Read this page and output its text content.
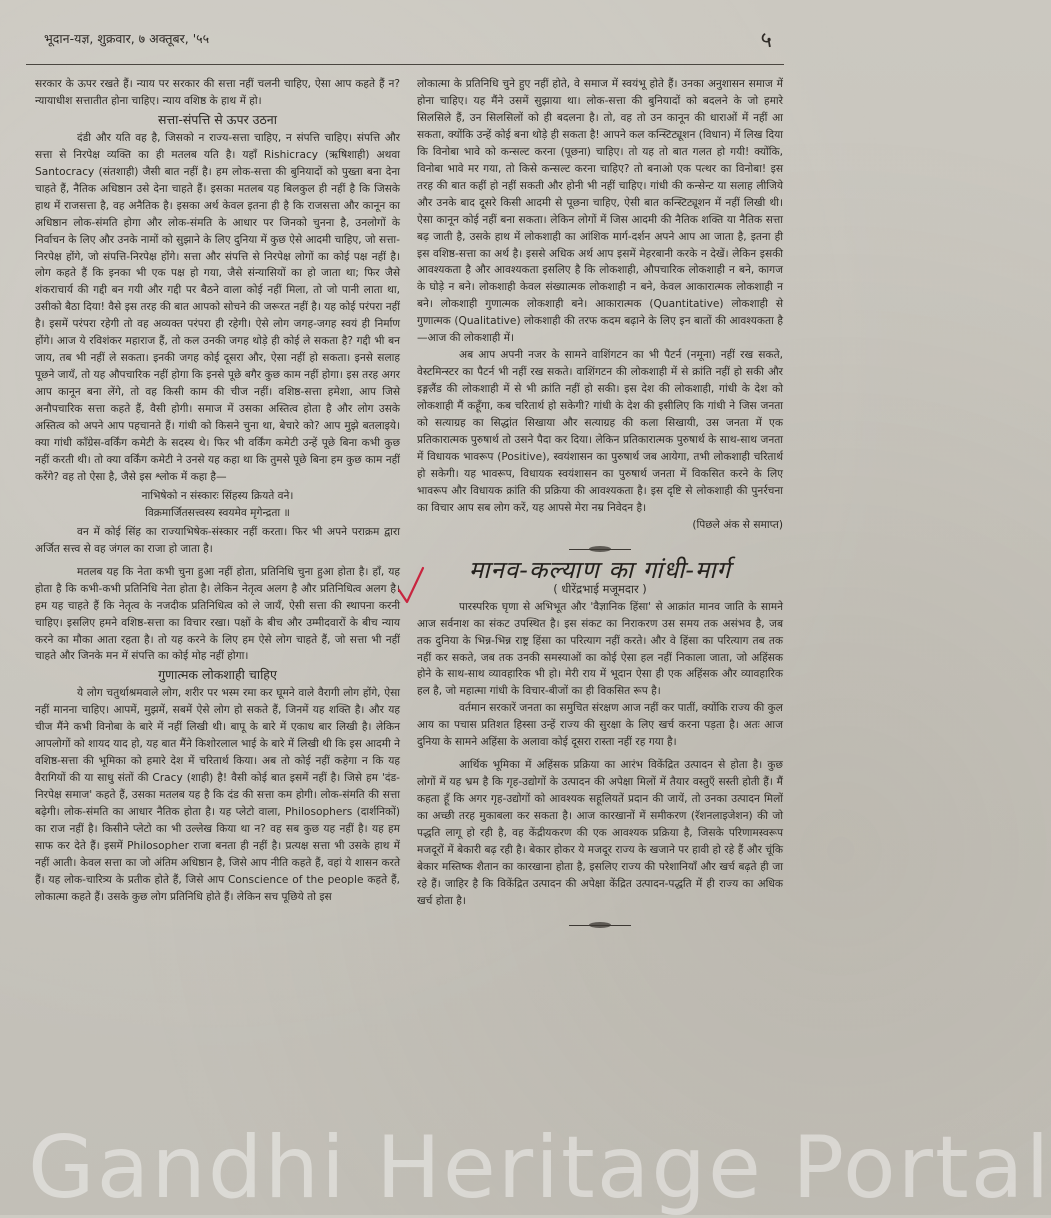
भूदान-यज्ञ, शुक्रवार, ७ अक्तूबर, '५५	५

सरकार के ऊपर रखते हैं। न्याय पर सरकार की सत्ता नहीं चलनी चाहिए, ऐसा आप कहते हैं न? न्यायाधीश सत्तातीत होना चाहिए। न्याय वशिष्ठ के हाथ में हो।

सत्ता-संपत्ति से ऊपर उठना

दंडी और यति वह है, जिसको न राज्य-सत्ता चाहिए, न संपत्ति चाहिए। संपत्ति और सत्ता से निरपेक्ष व्यक्ति का ही मतलब यति है। यहाँ Rishicracy (ऋषिशाही) अथवा Santocracy (संतशाही) जैसी बात नहीं है। हम लोक-सत्ता की बुनियादों को पुख्ता बना देना चाहते हैं, नैतिक अधिष्ठान उसे देना चाहते हैं। इसका मतलब यह बिलकुल ही नहीं है कि जिसके हाथ में राजसत्ता है, वह अनैतिक है। इसका अर्थ केवल इतना ही है कि राजसत्ता और कानून का अधिष्ठान लोक-संमति होगा और लोक-संमति के आधार पर जिनको चुनना है, उनलोगों के निर्वाचन के लिए और उनके नामों को सुझाने के लिए दुनिया में कुछ ऐसे आदमी चाहिए, जो सत्ता-निरपेक्ष होंगे, जो संपत्ति-निरपेक्ष होंगे। सत्ता और संपत्ति से निरपेक्ष लोगों का कोई पक्ष नहीं है। लोग कहते हैं कि इनका भी एक पक्ष हो गया, जैसे संन्यासियों का हो जाता था; फिर जैसे शंकराचार्य की गद्दी बन गयी और गद्दी पर बैठने वाला कोई नहीं मिला, तो जो पानी लाता था, उसीको बैठा दिया! वैसे इस तरह की बात आपको सोचने की जरूरत नहीं है। यह कोई परंपरा नहीं है। इसमें परंपरा रहेगी तो वह अव्यक्त परंपरा ही रहेगी। ऐसे लोग जगह-जगह स्वयं ही निर्माण होंगे। आज ये रविशंकर महाराज हैं, तो कल उनकी जगह थोड़े ही कोई ले सकता है? गद्दी भी बन जाय, तब भी नहीं ले सकता। इनकी जगह कोई दूसरा और, ऐसा नहीं हो सकता। इनसे सलाह पूछने जायँ, तो यह औपचारिक नहीं होगा कि इनसे पूछे बगैर कुछ काम नहीं होगा। इस तरह अगर आप कानून बना लेंगे, तो वह किसी काम की चीज नहीं। वशिष्ठ-सत्ता हमेशा, आप जिसे अनौपचारिक सत्ता कहते हैं, वैसी होगी। समाज में उसका अस्तित्व होता है और लोग उसके अस्तित्व को अपने आप पहचानते हैं। गांधी को किसने चुना था, बेचारे को? आप मुझे बतलाइये। क्या गांधी कॉंग्रेस-वर्किंग कमेटी के सदस्य थे। फिर भी वर्किंग कमेटी उन्हें पूछे बिना कभी कुछ नहीं करती थी। तो क्या वर्किंग कमेटी ने उनसे यह कहा था कि तुमसे पूछे बिना हम कुछ काम नहीं करेंगे? वह तो ऐसा है, जैसे इस श्लोक में कहा है—

नाभिषेको न संस्कारः सिंहस्य क्रियते वने।
विक्रमार्जितसत्त्वस्य स्वयमेव मृगेन्द्रता ॥

वन में कोई सिंह का राज्याभिषेक-संस्कार नहीं करता। फिर भी अपने पराक्रम द्वारा अर्जित सत्त्व से वह जंगल का राजा हो जाता है।

मतलब यह कि नेता कभी चुना हुआ नहीं होता, प्रतिनिधि चुना हुआ होता है। हाँ, यह होता है कि कभी-कभी प्रतिनिधि नेता होता है। लेकिन नेतृत्व अलग है और प्रतिनिधित्व अलग है। हम यह चाहते हैं कि नेतृत्व के नजदीक प्रतिनिधित्व को ले जायँ, ऐसी सत्ता की स्थापना करनी चाहिए। इसलिए हमने वशिष्ठ-सत्ता का विचार रखा। पक्षों के बीच और उम्मीदवारों के बीच न्याय करने का मौका आता रहता है। तो यह करने के लिए हम ऐसे लोग चाहते हैं, जो सत्ता भी नहीं चाहते और जिनके मन में संपत्ति का कोई मोह नहीं होगा।

गुणात्मक लोकशाही चाहिए

ये लोग चतुर्थाश्रमवाले लोग, शरीर पर भस्म रमा कर घूमने वाले वैरागी लोग होंगे, ऐसा नहीं मानना चाहिए। आपमें, मुझमें, सबमें ऐसे लोग हो सकते हैं, जिनमें यह शक्ति है। और यह चीज मैंने कभी विनोबा के बारे में नहीं लिखी थी। बापू के बारे में एकाध बार लिखी है। लेकिन आपलोगों को शायद याद हो, यह बात मैंने किशोरलाल भाई के बारे में लिखी थी कि इस आदमी ने वशिष्ठ-सत्ता की भूमिका को हमारे देश में चरितार्थ किया। अब तो कोई नहीं कहेगा न कि यह वैरागियों की या साधु संतों की Cracy (शाही) है! वैसी कोई बात इसमें नहीं है। जिसे हम 'दंड-निरपेक्ष समाज' कहते हैं, उसका मतलब यह है कि दंड की सत्ता कम होगी। लोक-संमति की सत्ता बढ़ेगी। लोक-संमति का आधार नैतिक होता है। यह प्लेटो वाला, Philosophers (दार्शनिकों) का राज नहीं है। किसीने प्लेटो का भी उल्लेख किया था न? वह सब कुछ यह नहीं है। यह हम साफ कर देते हैं। इसमें Philosopher राजा बनता ही नहीं है। प्रत्यक्ष सत्ता भी उसके हाथ में नहीं आती। केवल सत्ता का जो अंतिम अधिष्ठान है, जिसे आप नीति कहते हैं, वहां ये शासन करते हैं। यह लोक-चारित्र्य के प्रतीक होते हैं, जिसे आप Conscience of the people कहते हैं, लोकात्मा कहते हैं। उसके कुछ लोग प्रतिनिधि होते हैं। लेकिन सच पूछिये तो इस

लोकात्मा के प्रतिनिधि चुने हुए नहीं होते, वे समाज में स्वयंभू होते हैं। उनका अनुशासन समाज में होना चाहिए। यह मैंने उसमें सुझाया था। लोक-सत्ता की बुनियादों को बदलने के जो हमारे सिलसिले हैं, उन सिलसिलों को ही बदलना है। तो, वह तो उन कानून की धाराओं में नहीं आ सकता, क्योंकि उन्हें कोई बना थोड़े ही सकता है! आपने कल कन्स्टिट्यूशन (विधान) में लिख दिया कि विनोबा भावे को कन्सल्ट करना (पूछना) चाहिए। तो यह तो बात गलत हो गयी! क्योंकि, विनोबा भावे मर गया, तो किसे कन्सल्ट करना चाहिए? तो बनाओ एक पत्थर का विनोबा! इस तरह की बात कहीं हो नहीं सकती और होनी भी नहीं चाहिए। गांधी की कन्सेन्ट या सलाह लीजिये और उनके बाद दूसरे किसी आदमी से पूछना चाहिए, ऐसी बात कन्स्टिट्यूशन में नहीं लिखी थी। ऐसा कानून कोई नहीं बना सकता। लेकिन लोगों में जिस आदमी की नैतिक शक्ति या नैतिक सत्ता बढ़ जाती है, उसके हाथ में लोकशाही का आंशिक मार्ग-दर्शन अपने आप आ जाता है, इतना ही इस वशिष्ठ-सत्ता का अर्थ है। इससे अधिक अर्थ आप इसमें मेहरबानी करके न देखें। लेकिन इसकी आवश्यकता है और आवश्यकता इसलिए है कि लोकशाही, औपचारिक लोकशाही न बने, कागज के घोड़े न बने। लोकशाही केवल संख्यात्मक लोकशाही न बने, केवल आकारात्मक लोकशाही न बने। लोकशाही गुणात्मक लोकशाही बने। आकारात्मक (Quantitative) लोकशाही से गुणात्मक (Qualitative) लोकशाही की तरफ कदम बढ़ाने के लिए इन बातों की आवश्यकता है—आज की लोकशाही में।

अब आप अपनी नजर के सामने वाशिंगटन का भी पैटर्न (नमूना) नहीं रख सकते, वेस्टमिन्स्टर का पैटर्न भी नहीं रख सकते। वाशिंगटन की लोकशाही में से क्रांति नहीं हो सकी और इङ्गलैंड की लोकशाही में से भी क्रांति नहीं हो सकी। इस देश की लोकशाही, गांधी के देश को लोकशाही मैं कहूँगा, कब चरितार्थ हो सकेगी? गांधी के देश की इसीलिए कि गांधी ने जिस जनता को सत्याग्रह का सिद्धांत सिखाया और सत्याग्रह की कला सिखायी, उस जनता में एक प्रतिकारात्मक पुरुषार्थ तो उसने पैदा कर दिया। लेकिन प्रतिकारात्मक पुरुषार्थ के साथ-साथ जनता में विधायक भावरूप (Positive), स्वयंशासन का पुरुषार्थ जब आयेगा, तभी लोकशाही चरितार्थ हो सकेगी। यह भावरूप, विधायक स्वयंशासन का पुरुषार्थ जनता में विकसित करने के लिए भावरूप और विधायक क्रांति की प्रक्रिया की आवश्यकता है। इस दृष्टि से लोकशाही की पुनर्रचना का विचार आप सब लोग करें, यह आपसे मेरा नम्र निवेदन है।

(पिछले अंक से समाप्त)
मानव-कल्याण का गांधी-मार्ग
( धीरेंद्रभाई मजूमदार )

पारस्परिक घृणा से अभिभूत और 'वैज्ञानिक हिंसा' से आक्रांत मानव जाति के सामने आज सर्वनाश का संकट उपस्थित है। इस संकट का निराकरण उस समय तक असंभव है, जब तक दुनिया के भिन्न-भिन्न राष्ट्र हिंसा का परित्याग नहीं करते। और वे हिंसा का परित्याग तब तक नहीं कर सकते, जब तक उनकी समस्याओं का कोई ऐसा हल नहीं निकाला जाता, जो अहिंसक होने के साथ-साथ व्यावहारिक भी हो। मेरी राय में भूदान ऐसा ही एक अहिंसक और व्यावहारिक हल है, जो महात्मा गांधी के विचार-बीजों का ही विकसित रूप है।

वर्तमान सरकारें जनता का समुचित संरक्षण आज नहीं कर पातीं, क्योंकि राज्य की कुल आय का पचास प्रतिशत हिस्सा उन्हें राज्य की सुरक्षा के लिए खर्च करना पड़ता है। अतः आज दुनिया के सामने अहिंसा के अलावा कोई दूसरा रास्ता नहीं रह गया है।

आर्थिक भूमिका में अहिंसक प्रक्रिया का आरंभ विकेंद्रित उत्पादन से होता है। कुछ लोगों में यह भ्रम है कि गृह-उद्योगों के उत्पादन की अपेक्षा मिलों में तैयार वस्तुएँ सस्ती होती हैं। मैं कहता हूँ कि अगर गृह-उद्योगों को आवश्यक सहूलियतें प्रदान की जायें, तो उनका उत्पादन मिलों का अच्छी तरह मुकाबला कर सकता है। आज कारखानों में समीकरण (रॅशनलाइजेशन) की जो पद्धति लागू हो रही है, वह केंद्रीयकरण की एक आवश्यक प्रक्रिया है, जिसके परिणामस्वरूप मजदूरों में बेकारी बढ़ रही है। बेकार होकर ये मजदूर राज्य के खजाने पर हावी हो रहे हैं और चूंकि बेकार मस्तिष्क शैतान का कारखाना होता है, इसलिए राज्य की परेशानियाँ और खर्च बढ़ते ही जा रहे हैं। जाहिर है कि विकेंद्रित उत्पादन की अपेक्षा केंद्रित उत्पादन-पद्धति में ही राज्य का अधिक खर्च होता है।

Gandhi Heritage Portal
